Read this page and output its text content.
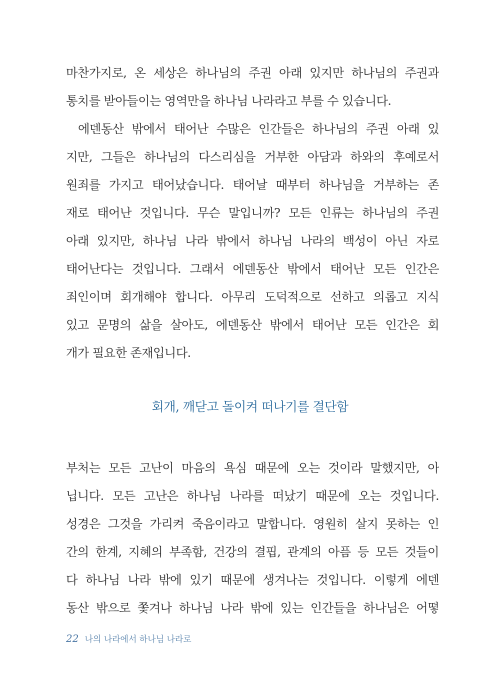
마찬가지로, 온 세상은 하나님의 주권 아래 있지만 하나님의 주권과
통치를 받아들이는 영역만을 하나님 나라라고 부를 수 있습니다.
에덴동산 밖에서 태어난 수많은 인간들은 하나님의 주권 아래 있
지만, 그들은 하나님의 다스리심을 거부한 아담과 하와의 후예로서
원죄를 가지고 태어났습니다. 태어날 때부터 하나님을 거부하는 존
재로 태어난 것입니다. 무슨 말입니까? 모든 인류는 하나님의 주권
아래 있지만, 하나님 나라 밖에서 하나님 나라의 백성이 아닌 자로
태어난다는 것입니다. 그래서 에덴동산 밖에서 태어난 모든 인간은
죄인이며 회개해야 합니다. 아무리 도덕적으로 선하고 의롭고 지식
있고 문명의 삶을 살아도, 에덴동산 밖에서 태어난 모든 인간은 회
개가 필요한 존재입니다.
회개, 깨닫고 돌이켜 떠나기를 결단함
부처는 모든 고난이 마음의 욕심 때문에 오는 것이라 말했지만, 아
닙니다. 모든 고난은 하나님 나라를 떠났기 때문에 오는 것입니다.
성경은 그것을 가리켜 죽음이라고 말합니다. 영원히 살지 못하는 인
간의 한계, 지혜의 부족함, 건강의 결핍, 관계의 아픔 등 모든 것들이
다 하나님 나라 밖에 있기 때문에 생겨나는 것입니다. 이렇게 에덴
동산 밖으로 쫓겨나 하나님 나라 밖에 있는 인간들을 하나님은 어떻
22 나의 나라에서 하나님 나라로
